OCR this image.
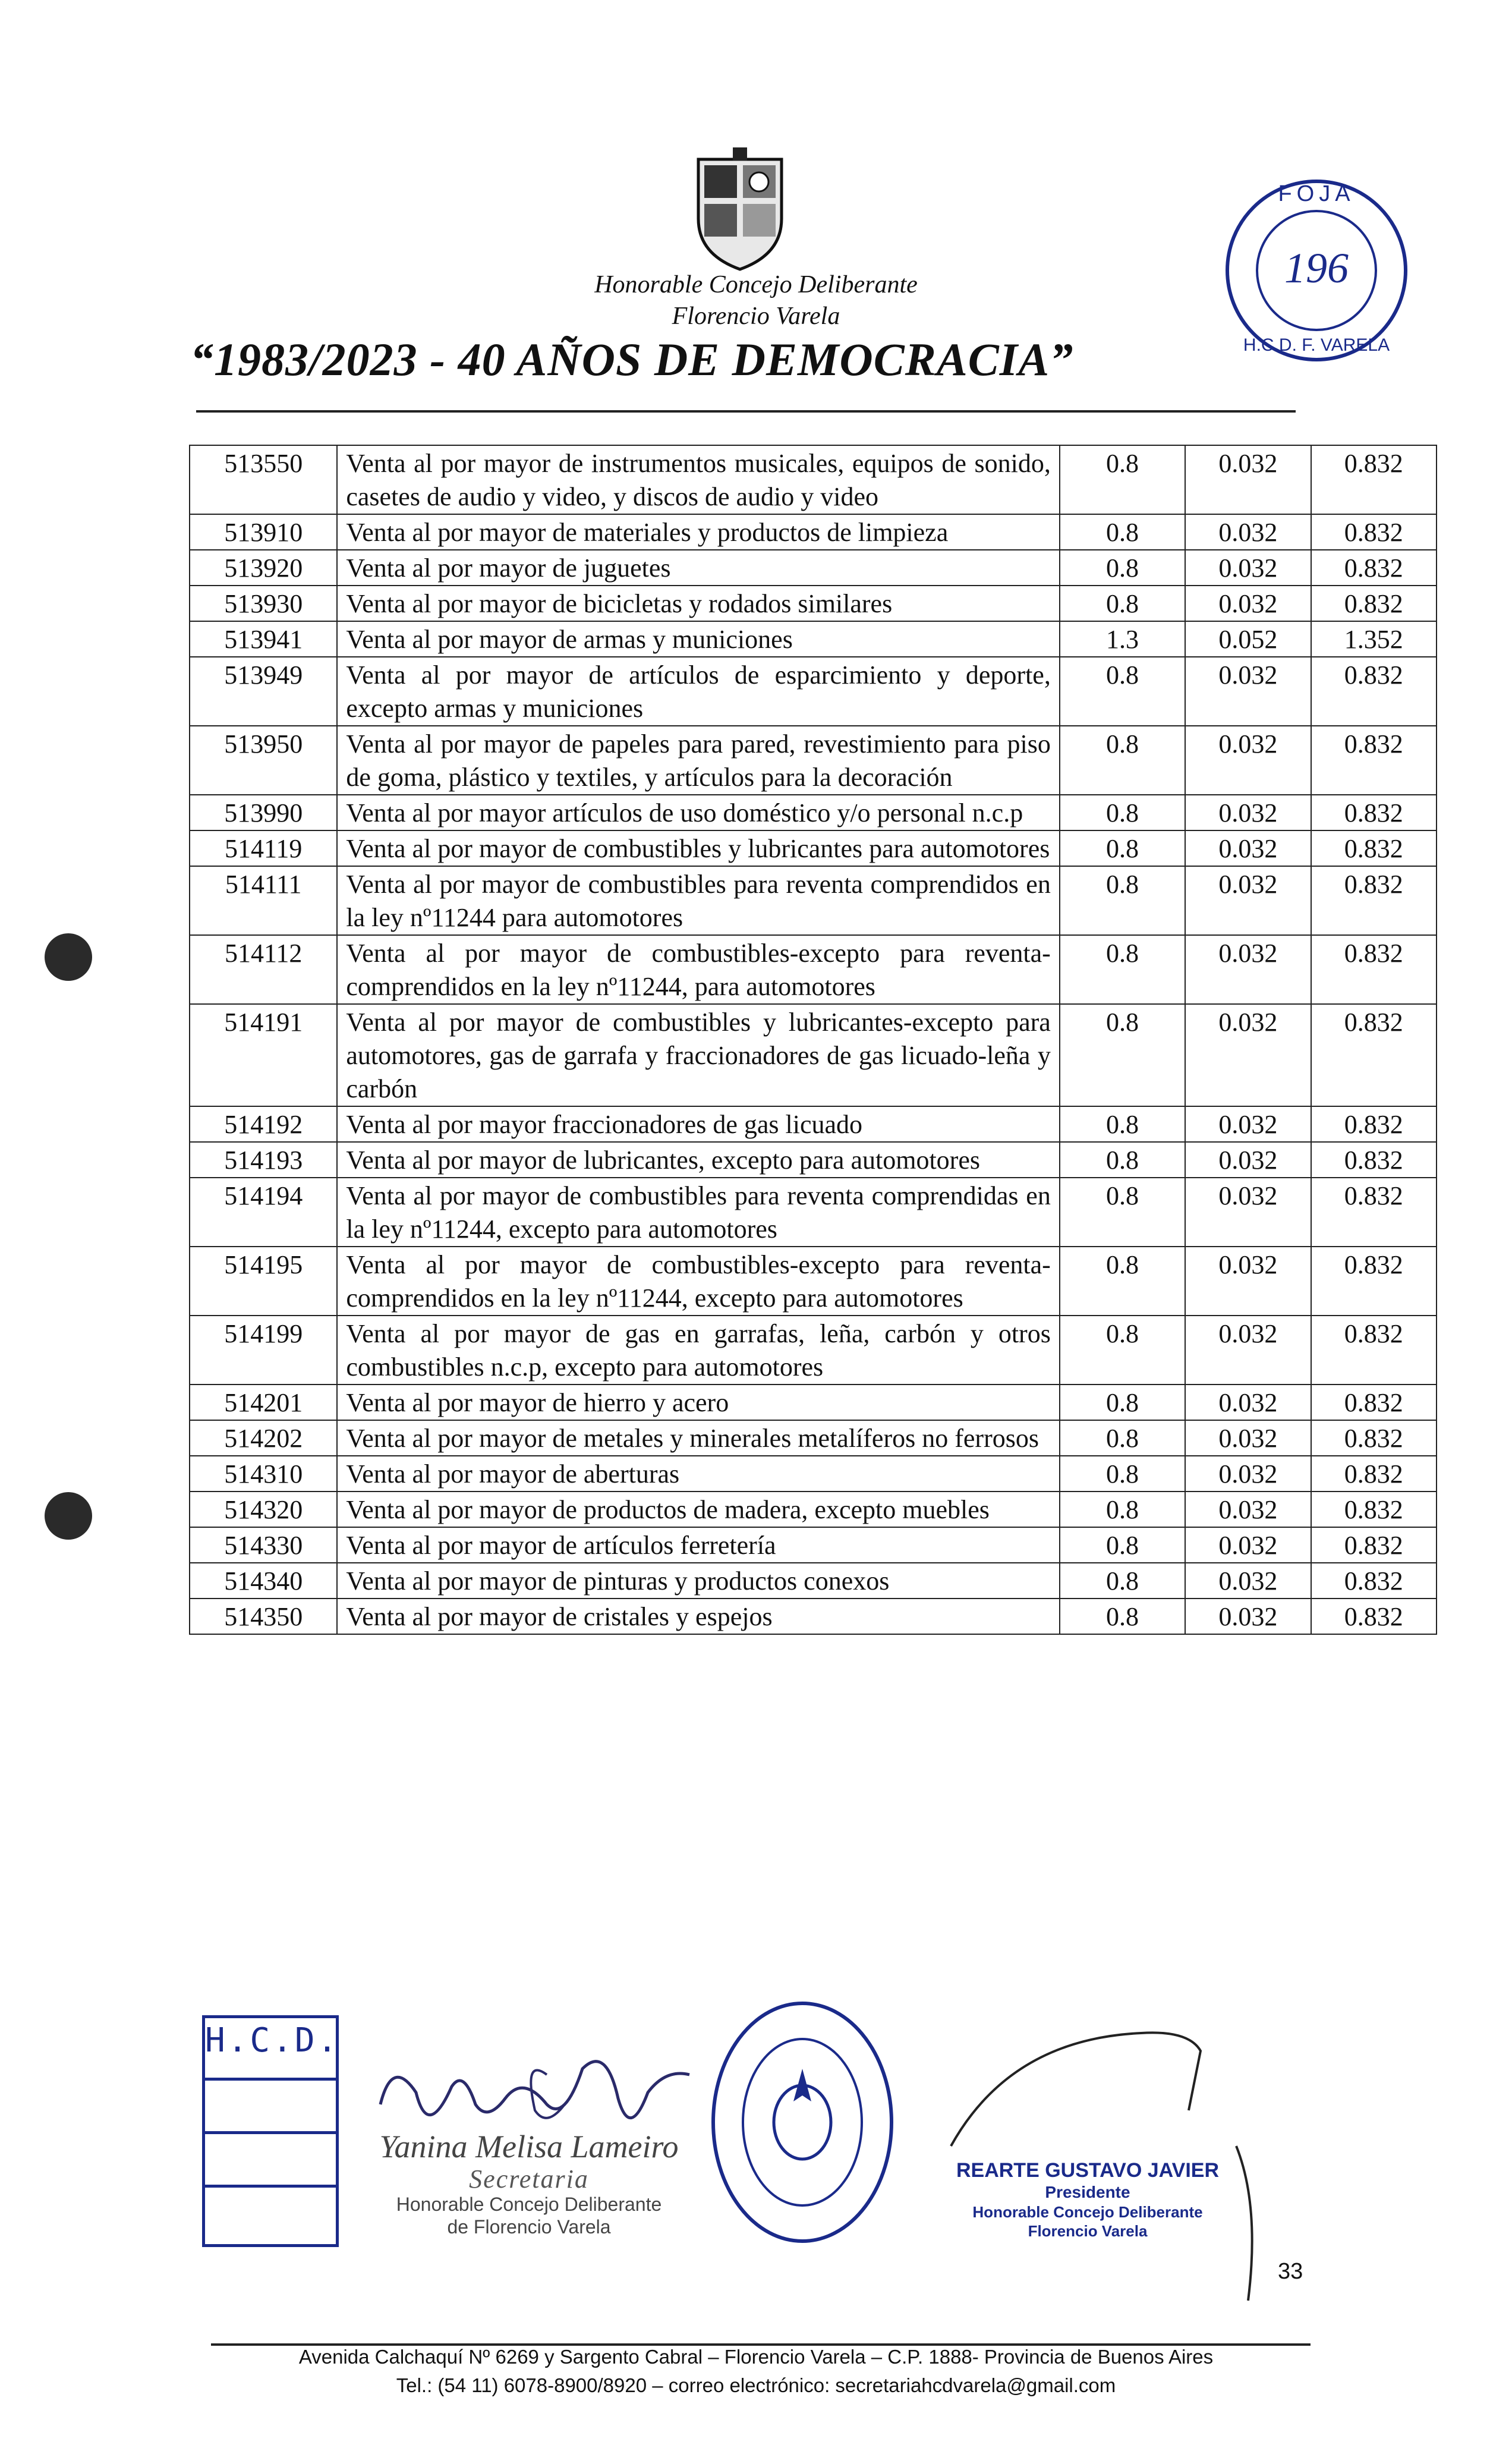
Honorable Concejo Deliberante
Florencio Varela
“1983/2023 - 40 AÑOS DE DEMOCRACIA”
FOJA
196
H.C.D. F. VARELA
513550	Venta al por mayor de instrumentos musicales, equipos de sonido, casetes de audio y video, y discos de audio y video	0.8	0.032	0.832
513910	Venta al por mayor de materiales y productos de limpieza	0.8	0.032	0.832
513920	Venta al por mayor de juguetes	0.8	0.032	0.832
513930	Venta al por mayor de bicicletas y rodados similares	0.8	0.032	0.832
513941	Venta al por mayor de armas y municiones	1.3	0.052	1.352
513949	Venta al por mayor de artículos de esparcimiento y deporte, excepto armas y municiones	0.8	0.032	0.832
513950	Venta al por mayor de papeles para pared, revestimiento para piso de goma, plástico y textiles, y artículos para la decoración	0.8	0.032	0.832
513990	Venta al por mayor artículos de uso doméstico y/o personal n.c.p	0.8	0.032	0.832
514119	Venta al por mayor de combustibles y lubricantes para automotores	0.8	0.032	0.832
514111	Venta al por mayor de combustibles para reventa comprendidos en la ley nº11244 para automotores	0.8	0.032	0.832
514112	Venta al por mayor de combustibles-excepto para reventa-comprendidos en la ley nº11244, para automotores	0.8	0.032	0.832
514191	Venta al por mayor de combustibles y lubricantes-excepto para automotores, gas de garrafa y fraccionadores de gas licuado-leña y carbón	0.8	0.032	0.832
514192	Venta al por mayor fraccionadores de gas licuado	0.8	0.032	0.832
514193	Venta al por mayor de lubricantes, excepto para automotores	0.8	0.032	0.832
514194	Venta al por mayor de combustibles para reventa comprendidas en la ley nº11244, excepto para automotores	0.8	0.032	0.832
514195	Venta al por mayor de combustibles-excepto para reventa-comprendidos en la ley nº11244, excepto para automotores	0.8	0.032	0.832
514199	Venta al por mayor de gas en garrafas, leña, carbón y otros combustibles n.c.p, excepto para automotores	0.8	0.032	0.832
514201	Venta al por mayor de hierro y acero	0.8	0.032	0.832
514202	Venta al por mayor de metales y minerales metalíferos no ferrosos	0.8	0.032	0.832
514310	Venta al por mayor de aberturas	0.8	0.032	0.832
514320	Venta al por mayor de productos de madera, excepto muebles	0.8	0.032	0.832
514330	Venta al por mayor de artículos ferretería	0.8	0.032	0.832
514340	Venta al por mayor de pinturas y productos conexos	0.8	0.032	0.832
514350	Venta al por mayor de cristales y espejos	0.8	0.032	0.832
H.C.D.
Yanina Melisa Lameiro
Secretaria
Honorable Concejo Deliberante
de Florencio Varela
REARTE GUSTAVO JAVIER
Presidente
Honorable Concejo Deliberante
Florencio Varela
33
Avenida Calchaquí Nº 6269 y Sargento Cabral – Florencio Varela – C.P. 1888- Provincia de Buenos Aires
Tel.: (54 11) 6078-8900/8920 – correo electrónico: secretariahcdvarela@gmail.com
